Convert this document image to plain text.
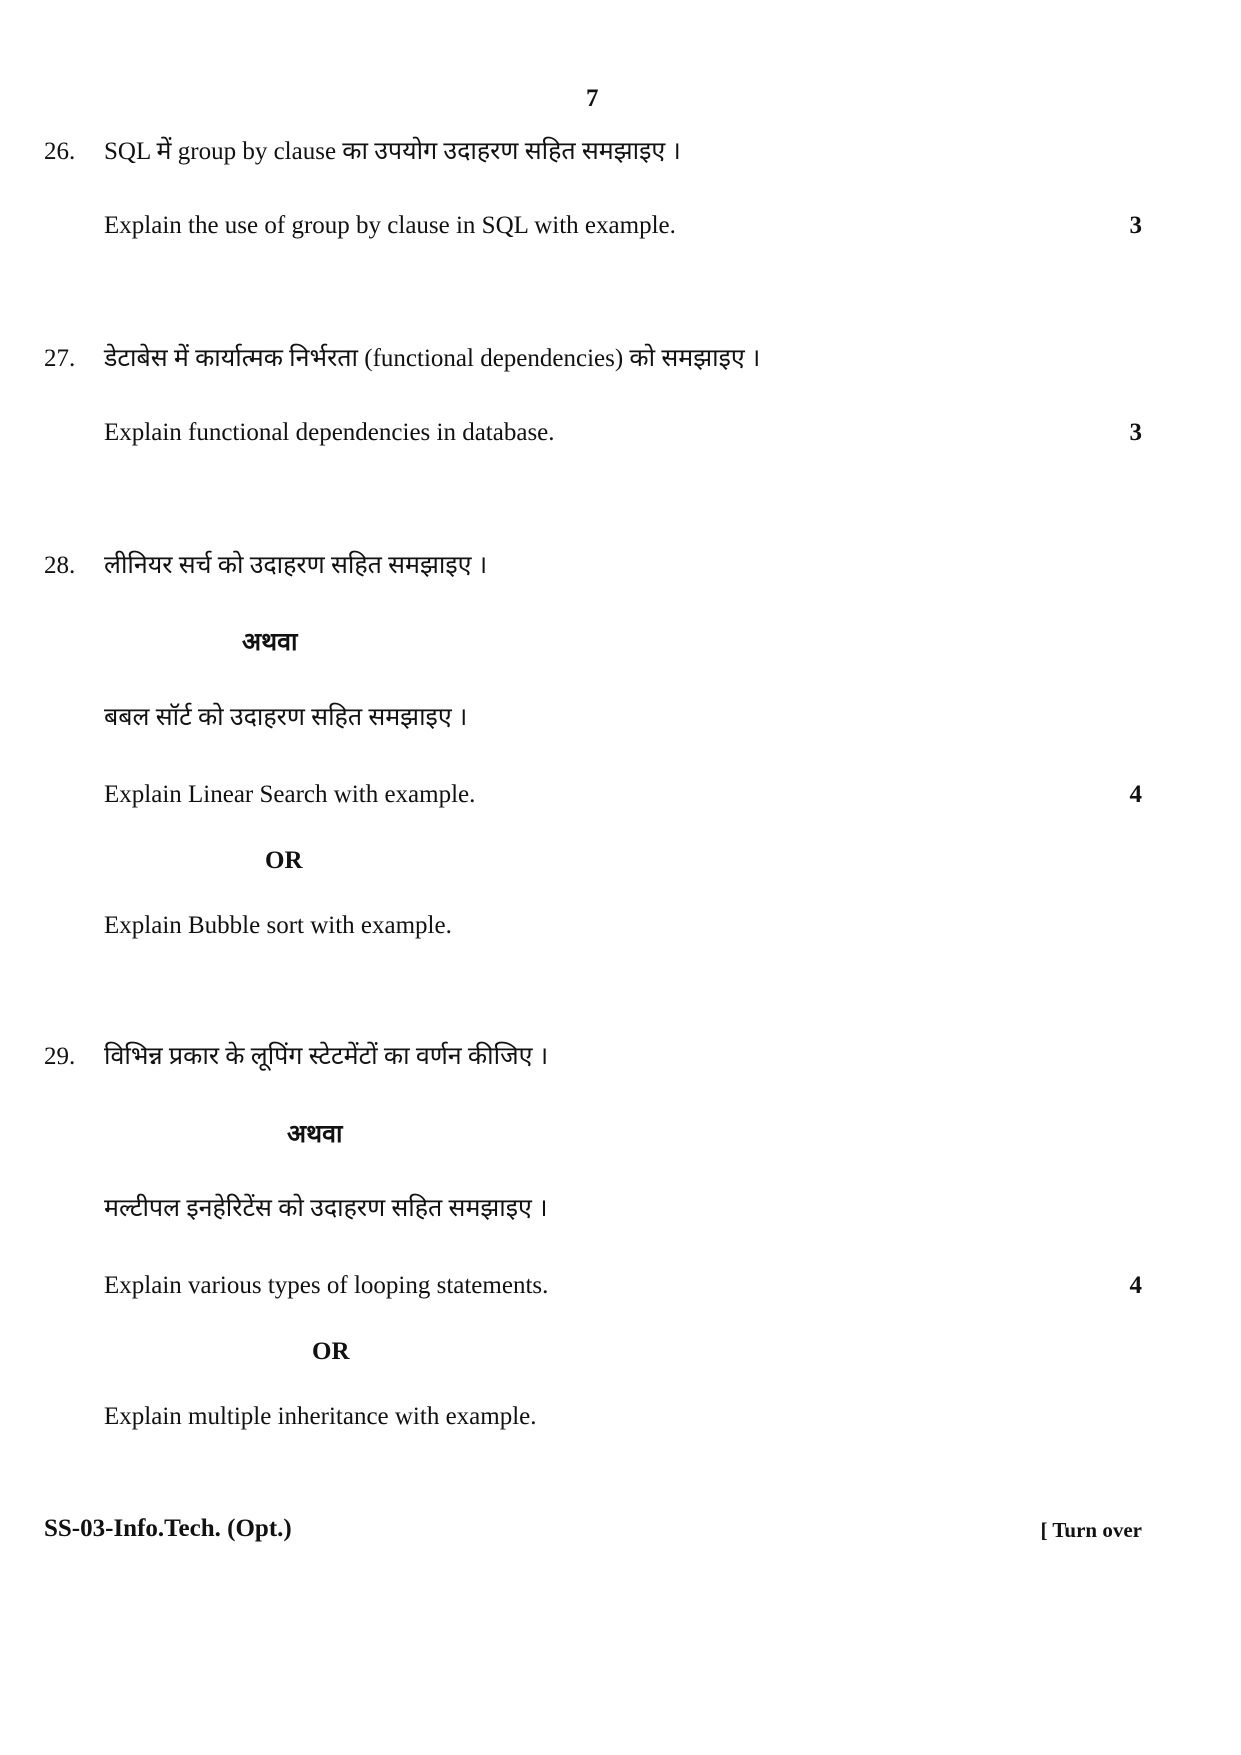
7
26. SQL में group by clause का उपयोग उदाहरण सहित समझाइए ।
Explain the use of group by clause in SQL with example.	3
27. डेटाबेस में कार्यात्मक निर्भरता (functional dependencies) को समझाइए ।
Explain functional dependencies in database.	3
28. लीनियर सर्च को उदाहरण सहित समझाइए ।
अथवा
बबल सॉर्ट को उदाहरण सहित समझाइए ।
Explain Linear Search with example.	4
OR
Explain Bubble sort with example.
29. विभिन्न प्रकार के लूपिंग स्टेटमेंटों का वर्णन कीजिए ।
अथवा
मल्टीपल इनहेरिटेंस को उदाहरण सहित समझाइए ।
Explain various types of looping statements.	4
OR
Explain multiple inheritance with example.
SS-03-Info.Tech. (Opt.)	[ Turn over
